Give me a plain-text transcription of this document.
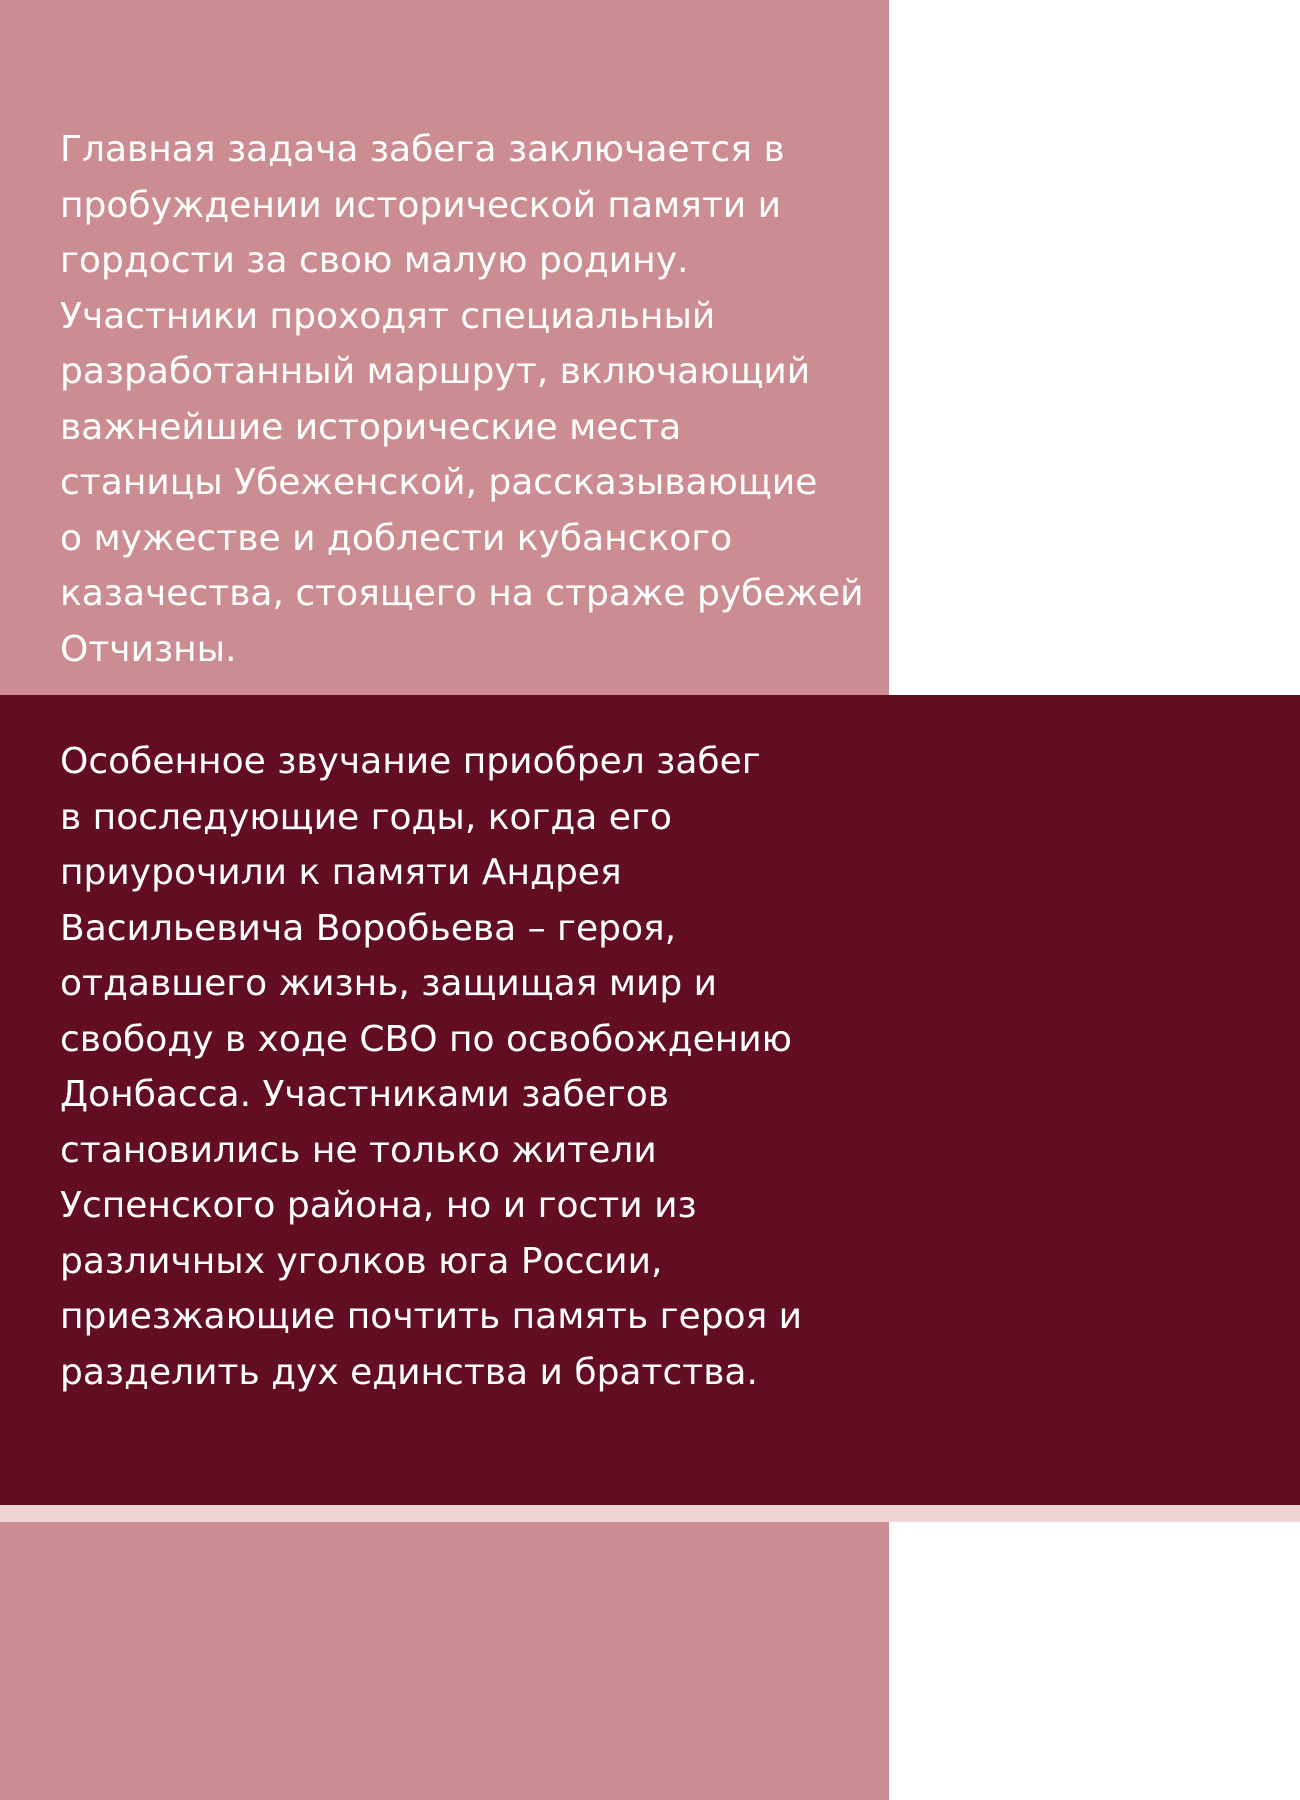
Главная задача забега заключается в
пробуждении исторической памяти и
гордости за свою малую родину.
Участники проходят специальный
разработанный маршрут, включающий
важнейшие исторические места
станицы Убеженской, рассказывающие
о мужестве и доблести кубанского
казачества, стоящего на страже рубежей
Отчизны.

Особенное звучание приобрел забег
в последующие годы, когда его
приурочили к памяти Андрея
Васильевича Воробьева – героя,
отдавшего жизнь, защищая мир и
свободу в ходе СВО по освобождению
Донбасса. Участниками забегов
становились не только жители
Успенского района, но и гости из
различных уголков юга России,
приезжающие почтить память героя и
разделить дух единства и братства.
